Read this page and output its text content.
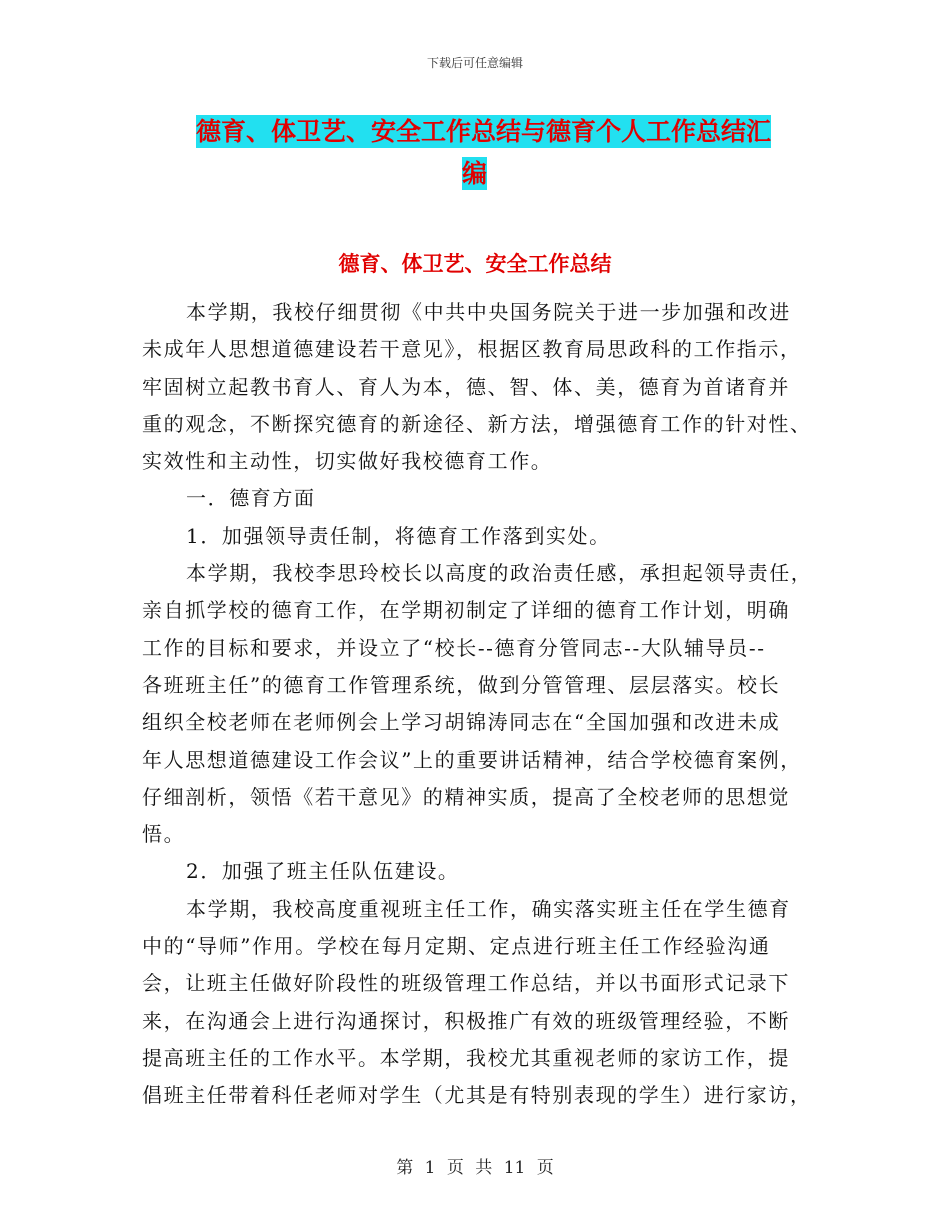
下载后可任意编辑
德育、体卫艺、安全工作总结与德育个人工作总结汇
编
德育、体卫艺、安全工作总结
本学期，我校仔细贯彻《中共中央国务院关于进一步加强和改进
未成年人思想道德建设若干意见》，根据区教育局思政科的工作指示，
牢固树立起教书育人、育人为本，德、智、体、美，德育为首诸育并
重的观念，不断探究德育的新途径、新方法，增强德育工作的针对性、
实效性和主动性，切实做好我校德育工作。
一．德育方面
1．加强领导责任制，将德育工作落到实处。
本学期，我校李思玲校长以高度的政治责任感，承担起领导责任，
亲自抓学校的德育工作，在学期初制定了详细的德育工作计划，明确
工作的目标和要求，并设立了“校长--德育分管同志--大队辅导员--
各班班主任”的德育工作管理系统，做到分管管理、层层落实。校长
组织全校老师在老师例会上学习胡锦涛同志在“全国加强和改进未成
年人思想道德建设工作会议”上的重要讲话精神，结合学校德育案例，
仔细剖析，领悟《若干意见》的精神实质，提高了全校老师的思想觉
悟。
2．加强了班主任队伍建设。
本学期，我校高度重视班主任工作，确实落实班主任在学生德育
中的“导师”作用。学校在每月定期、定点进行班主任工作经验沟通
会，让班主任做好阶段性的班级管理工作总结，并以书面形式记录下
来，在沟通会上进行沟通探讨，积极推广有效的班级管理经验，不断
提高班主任的工作水平。本学期，我校尤其重视老师的家访工作，提
倡班主任带着科任老师对学生（尤其是有特别表现的学生）进行家访，
第 1 页 共 11 页
